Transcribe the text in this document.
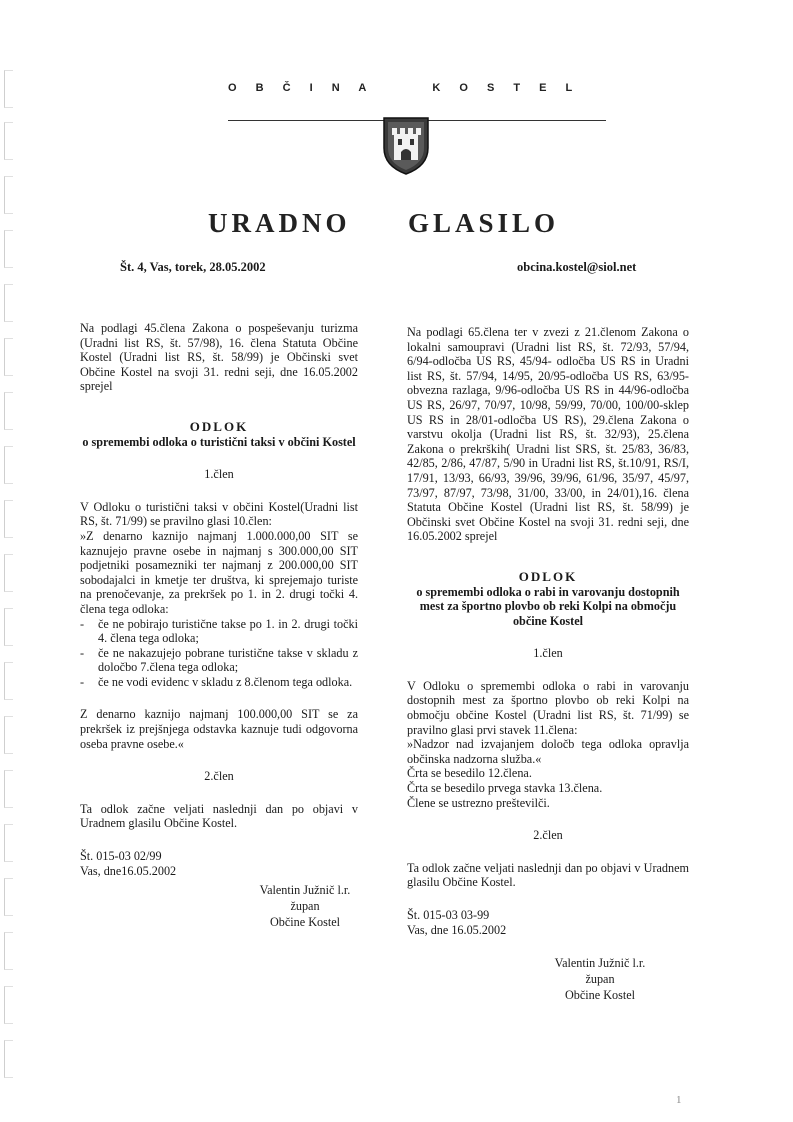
O B Č I N A	K O S T E L
URADNO GLASILO
Št. 4, Vas, torek, 28.05.2002	obcina.kostel@siol.net

Na podlagi 45.člena Zakona o pospeševanju turizma (Uradni list RS, št. 57/98), 16. člena Statuta Občine Kostel (Uradni list RS, št. 58/99) je Občinski svet Občine Kostel na svoji 31. redni seji, dne 16.05.2002 sprejel

ODLOK

o spremembi odloka o turistični taksi v občini Kostel

1.člen

V Odloku o turistični taksi v občini Kostel(Uradni list RS, št. 71/99) se pravilno glasi 10.člen:

»Z denarno kaznijo najmanj 1.000.000,00 SIT se kaznujejo pravne osebe in najmanj s 300.000,00 SIT podjetniki posamezniki ter najmanj z 200.000,00 SIT sobodajalci in kmetje ter društva, ki sprejemajo turiste na prenočevanje, za prekršek po 1. in 2. drugi točki 4. člena tega odloka:

- če ne pobirajo turistične takse po 1. in 2. drugi točki 4. člena tega odloka;
- če ne nakazujejo pobrane turistične takse v skladu z določbo 7.člena tega odloka;
- če ne vodi evidenc v skladu z 8.členom tega odloka.

Z denarno kaznijo najmanj 100.000,00 SIT se za prekršek iz prejšnjega odstavka kaznuje tudi odgovorna oseba pravne osebe.«

2.člen

Ta odlok začne veljati naslednji dan po objavi v Uradnem glasilu Občine Kostel.

Št. 015-03 02/99

Vas, dne16.05.2002

Valentin Južnič l.r.

župan

Občine Kostel

Na podlagi 65.člena ter v zvezi z 21.členom Zakona o lokalni samoupravi (Uradni list RS, št. 72/93, 57/94, 6/94-odločba US RS, 45/94- odločba US RS in Uradni list RS, št. 57/94, 14/95, 20/95-odločba US RS, 63/95-obvezna razlaga, 9/96-odločba US RS in 44/96-odločba US RS, 26/97, 70/97, 10/98, 59/99, 70/00, 100/00-sklep US RS in 28/01-odločba US RS), 29.člena Zakona o varstvu okolja (Uradni list RS, št. 32/93), 25.člena Zakona o prekrških( Uradni list SRS, št. 25/83, 36/83, 42/85, 2/86, 47/87, 5/90 in Uradni list RS, št.10/91, RS/I, 17/91, 13/93, 66/93, 39/96, 39/96, 61/96, 35/97, 45/97, 73/97, 87/97, 73/98, 31/00, 33/00, in 24/01),16. člena Statuta Občine Kostel (Uradni list RS, št. 58/99) je Občinski svet Občine Kostel na svoji 31. redni seji, dne 16.05.2002 sprejel

ODLOK

o spremembi odloka o rabi in varovanju dostopnih mest za športno plovbo ob reki Kolpi na območju občine Kostel

1.člen

V Odloku o spremembi odloka o rabi in varovanju dostopnih mest za športno plovbo ob reki Kolpi na območju občine Kostel (Uradni list RS, št. 71/99) se pravilno glasi prvi stavek 11.člena:

»Nadzor nad izvajanjem določb tega odloka opravlja občinska nadzorna služba.«

Črta se besedilo 12.člena.

Črta se besedilo prvega stavka 13.člena.

Člene se ustrezno preštevilči.

2.člen

Ta odlok začne veljati naslednji dan po objavi v Uradnem glasilu Občine Kostel.

Št. 015-03 03-99

Vas, dne 16.05.2002

Valentin Južnič l.r.

župan

Občine Kostel

1
